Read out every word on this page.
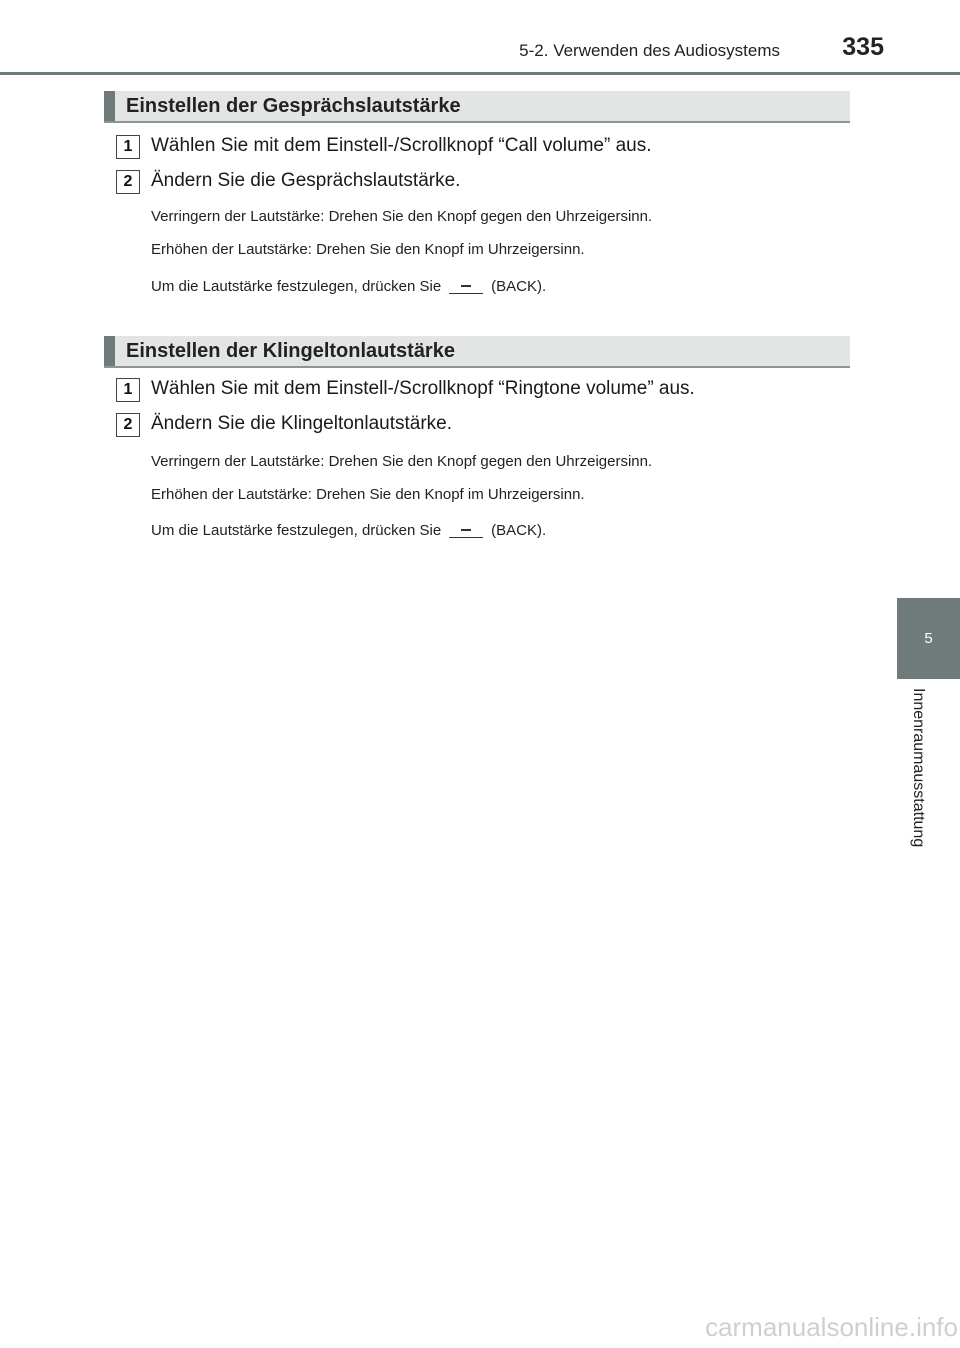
5-2. Verwenden des Audiosystems 335
5
Innenraumausstattung
Einstellen der Gesprächslautstärke
1 Wählen Sie mit dem Einstell-/Scrollknopf “Call volume” aus.
2 Ändern Sie die Gesprächslautstärke.
Verringern der Lautstärke: Drehen Sie den Knopf gegen den Uhrzeigersinn.
Erhöhen der Lautstärke: Drehen Sie den Knopf im Uhrzeigersinn.
Um die Lautstärke festzulegen, drücken Sie	(BACK).
Einstellen der Klingeltonlautstärke
1 Wählen Sie mit dem Einstell-/Scrollknopf “Ringtone volume” aus.
2 Ändern Sie die Klingeltonlautstärke.
Verringern der Lautstärke: Drehen Sie den Knopf gegen den Uhrzeigersinn.
Erhöhen der Lautstärke: Drehen Sie den Knopf im Uhrzeigersinn.
Um die Lautstärke festzulegen, drücken Sie	(BACK).
carmanualsonline.info
